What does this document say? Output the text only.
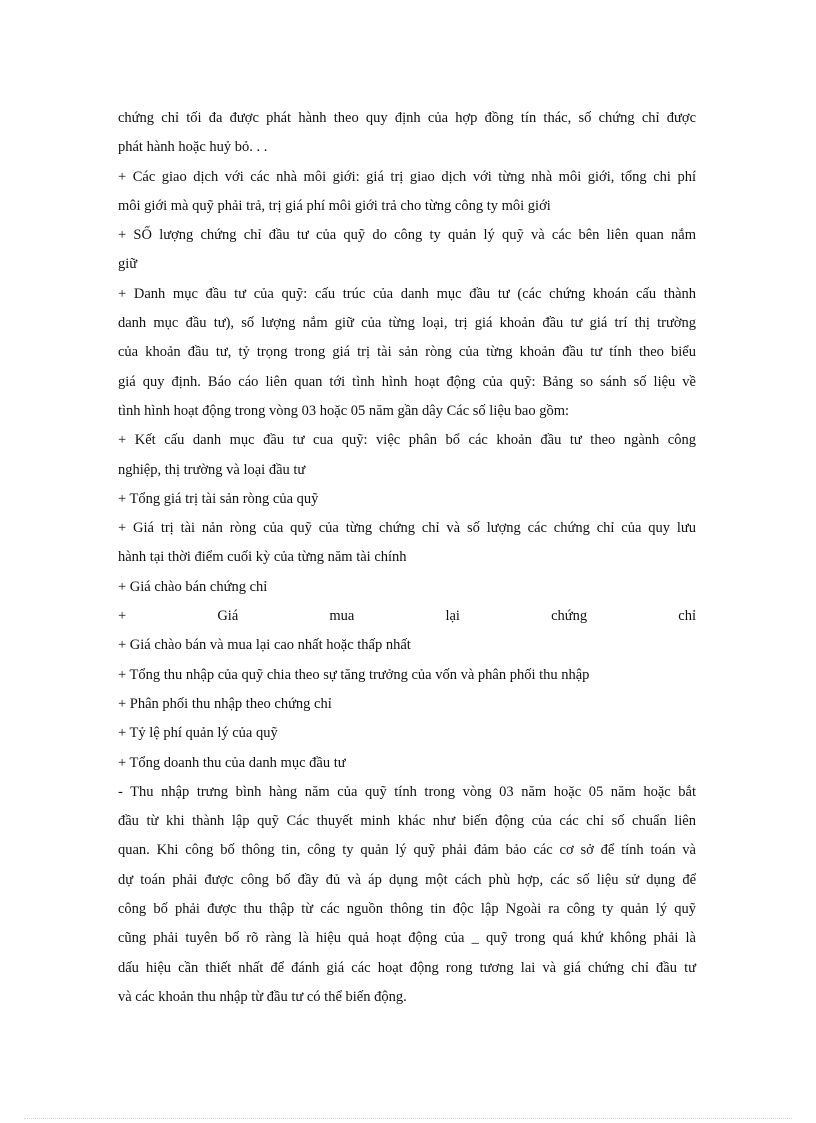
chứng chỉ tối đa được phát hành theo quy định của hợp đồng tín thác, số chứng chỉ được
phát hành hoặc huỷ bỏ. . .
+ Các giao dịch với các nhà môi giới: giá trị giao dịch với từng nhà môi giới, tổng chi phí
môi giới mà quỹ phải trả, trị giá phí môi giới trả cho từng công ty môi giới
+ SỐ lượng chứng chỉ đầu tư của quỹ do công ty quản lý quỹ và các bên liên quan nắm
giữ
+ Danh mục đầu tư của quỹ: cấu trúc của danh mục đầu tư (các chứng khoán cấu thành
danh mục đầu tư), số lượng nắm giữ của từng loại, trị giá khoản đầu tư giá trí thị trường
của khoản đầu tư, tỷ trọng trong giá trị tài sản ròng của từng khoản đầu tư tính theo biểu
giá quy định. Báo cáo liên quan tới tình hình hoạt động của quỹ: Bảng so sánh số liệu về
tình hình hoạt động trong vòng 03 hoặc 05 năm gần dây Các số liệu bao gồm:
+ Kết cấu danh mục đầu tư cua quỹ: việc phân bổ các khoản đầu tư theo ngành công
nghiệp, thị trường và loại đầu tư
+ Tổng giá trị tài sản ròng của quỹ
+ Giá trị tài nản ròng của quỹ của từng chứng chỉ và số lượng các chứng chỉ của quy lưu
hành tại thời điểm cuối kỳ của từng năm tài chính
+ Giá chào bán chứng chỉ
+	Giá	mua	lại	chứng	chỉ
+ Giá chào bán và mua lại cao nhất hoặc thấp nhất
+ Tổng thu nhập của quỹ chia theo sự tăng trưởng của vốn và phân phối thu nhập
+ Phân phối thu nhập theo chứng chỉ
+ Tỷ lệ phí quản lý của quỹ
+ Tổng doanh thu của danh mục đầu tư
- Thu nhập trưng bình hàng năm của quỹ tính trong vòng 03 năm hoặc 05 năm hoặc bắt
đầu từ khi thành lập quỹ Các thuyết minh khác như biến động của các chỉ số chuẩn liên
quan. Khi công bố thông tin, công ty quản lý quỹ phải đảm bảo các cơ sở để tính toán và
dự toán phải được công bố đầy đủ và áp dụng một cách phù hợp, các số liệu sử dụng để
công bố phải được thu thập từ các nguồn thông tin độc lập Ngoài ra công ty quản lý quỹ
cũng phải tuyên bố rõ ràng là hiệu quả hoạt động của _ quỹ trong quá khứ không phải là
dấu hiệu cần thiết nhất để đánh giá các hoạt động rong tương lai và giá chứng chỉ đầu tư
và các khoản thu nhập từ đầu tư có thể biến động.
